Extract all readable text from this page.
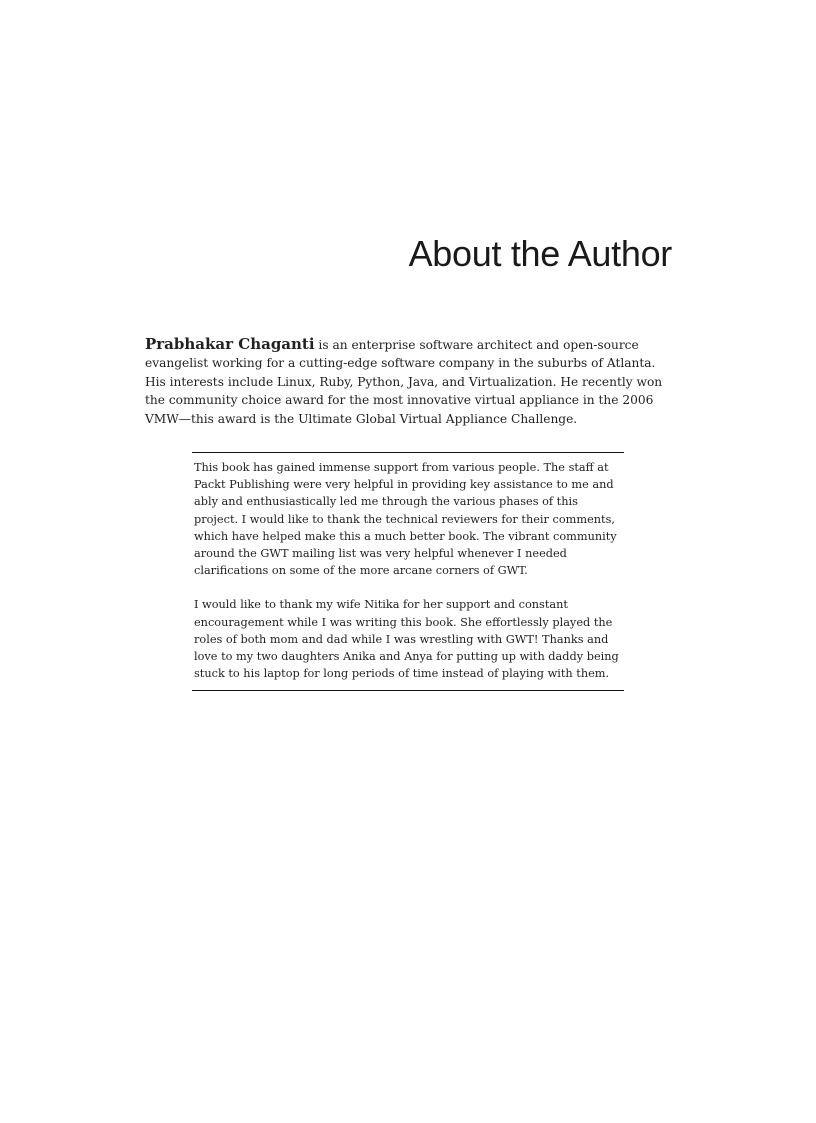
About the Author

Prabhakar Chaganti is an enterprise software architect and open-source evangelist working for a cutting-edge software company in the suburbs of Atlanta. His interests include Linux, Ruby, Python, Java, and Virtualization. He recently won the community choice award for the most innovative virtual appliance in the 2006 VMW—this award is the Ultimate Global Virtual Appliance Challenge.

This book has gained immense support from various people. The staff at Packt Publishing were very helpful in providing key assistance to me and ably and enthusiastically led me through the various phases of this project. I would like to thank the technical reviewers for their comments, which have helped make this a much better book. The vibrant community around the GWT mailing list was very helpful whenever I needed clarifications on some of the more arcane corners of GWT.

I would like to thank my wife Nitika for her support and constant encouragement while I was writing this book. She effortlessly played the roles of both mom and dad while I was wrestling with GWT! Thanks and love to my two daughters Anika and Anya for putting up with daddy being stuck to his laptop for long periods of time instead of playing with them.
